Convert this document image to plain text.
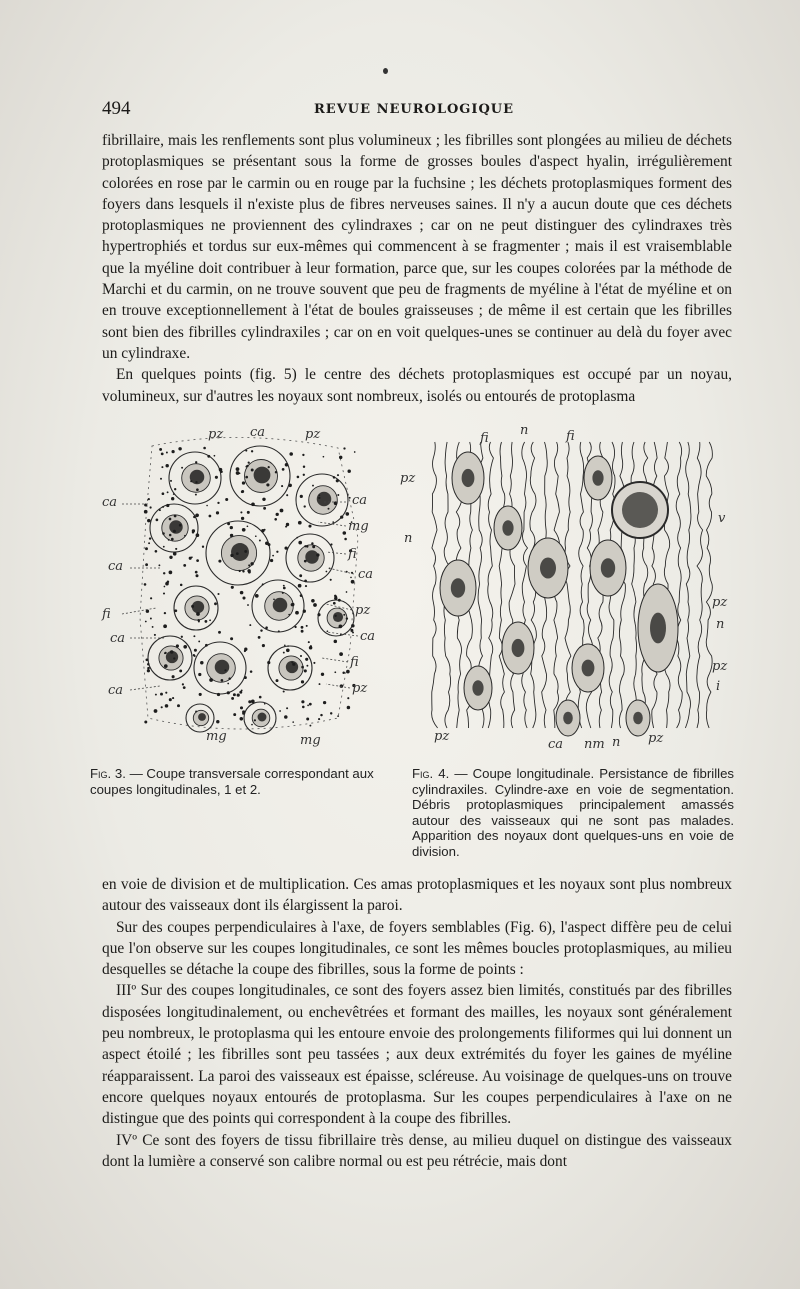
494	REVUE NEUROLOGIQUE

fibrillaire, mais les renflements sont plus volumineux ; les fibrilles sont plongées au milieu de déchets protoplasmiques se présentant sous la forme de grosses boules d'aspect hyalin, irrégulièrement colorées en rose par le carmin ou en rouge par la fuchsine ; les déchets protoplasmiques forment des foyers dans lesquels il n'existe plus de fibres nerveuses saines. Il n'y a aucun doute que ces déchets protoplasmiques ne proviennent des cylindraxes ; car on ne peut distinguer des cylindraxes très hypertrophiés et tordus sur eux-mêmes qui commencent à se fragmenter ; mais il est vraisemblable que la myéline doit contribuer à leur formation, parce que, sur les coupes colorées par la méthode de Marchi et du carmin, on ne trouve souvent que peu de fragments de myéline à l'état de myéline et on en trouve exceptionnellement à l'état de boules graisseuses ; de même il est certain que les fibrilles sont bien des fibrilles cylindraxiles ; car on en voit quelques-unes se continuer au delà du foyer avec un cylindraxe.

En quelques points (fig. 5) le centre des déchets protoplasmiques est occupé par un noyau, volumineux, sur d'autres les noyaux sont nombreux, isolés ou entourés de protoplasma

pz ca	pz
ca	ca
mg
ca
fi
ca
fi	pz
ca	ca
fi
ca	pz
mg	mg
fi
n	fi
pz
v
n
pz
n
pz
i
pz
ca nm n pz
Fig. 3. — Coupe transversale correspondant aux coupes longitudinales, 1 et 2.
Fig. 4. — Coupe longitudinale. Persistance de fibrilles cylindraxiles. Cylindre-axe en voie de segmentation. Débris protoplasmiques principalement amassés autour des vaisseaux qui ne sont pas malades. Apparition des noyaux dont quelques-uns en voie de division.

en voie de division et de multiplication. Ces amas protoplasmiques et les noyaux sont plus nombreux autour des vaisseaux dont ils élargissent la paroi.

Sur des coupes perpendiculaires à l'axe, de foyers semblables (Fig. 6), l'aspect diffère peu de celui que l'on observe sur les coupes longitudinales, ce sont les mêmes boucles protoplasmiques, au milieu desquelles se détache la coupe des fibrilles, sous la forme de points :

IIIº Sur des coupes longitudinales, ce sont des foyers assez bien limités, constitués par des fibrilles disposées longitudinalement, ou enchevêtrées et formant des mailles, les noyaux sont généralement peu nombreux, le protoplasma qui les entoure envoie des prolongements filiformes qui lui donnent un aspect étoilé ; les fibrilles sont peu tassées ; aux deux extrémités du foyer les gaines de myéline réapparaissent. La paroi des vaisseaux est épaisse, scléreuse. Au voisinage de quelques-uns on trouve encore quelques noyaux entourés de protoplasma. Sur les coupes perpendiculaires à l'axe on ne distingue que des points qui correspondent à la coupe des fibrilles.

IVº Ce sont des foyers de tissu fibrillaire très dense, au milieu duquel on distingue des vaisseaux dont la lumière a conservé son calibre normal ou est peu rétrécie, mais dont
